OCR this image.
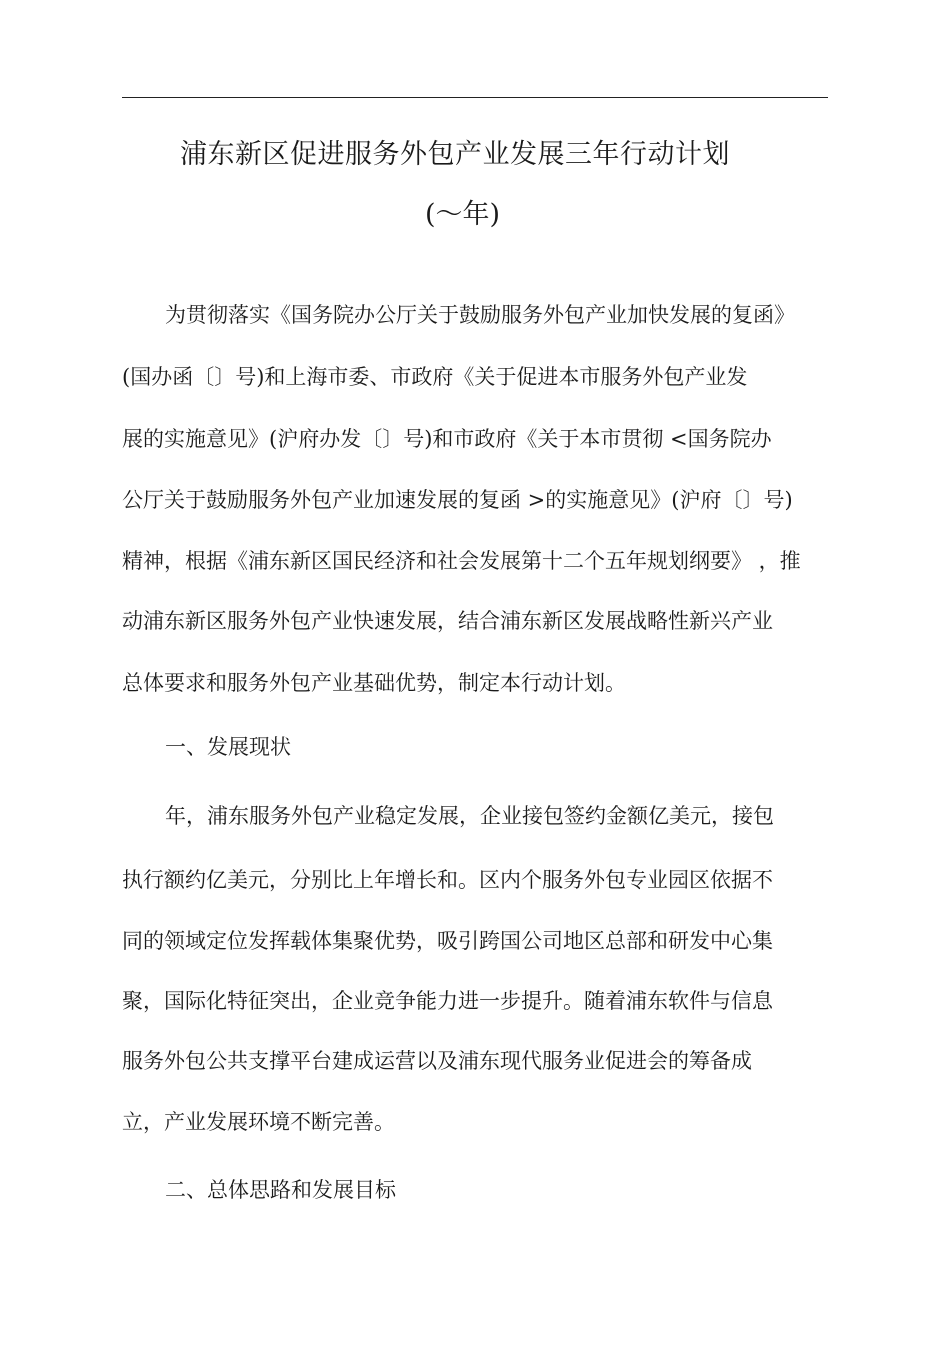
浦东新区促进服务外包产业发展三年行动计划
(～年)
为贯彻落实《国务院办公厅关于鼓励服务外包产业加快发展的复函》
(国办函〔〕号)和上海市委、市政府《关于促进本市服务外包产业发
展的实施意见》(沪府办发〔〕号)和市政府《关于本市贯彻 <国务院办
公厅关于鼓励服务外包产业加速发展的复函 >的实施意见》(沪府〔〕号)
精神，根据《浦东新区国民经济和社会发展第十二个五年规划纲要》 ，推
动浦东新区服务外包产业快速发展，结合浦东新区发展战略性新兴产业
总体要求和服务外包产业基础优势，制定本行动计划。
一、发展现状
年，浦东服务外包产业稳定发展，企业接包签约金额亿美元，接包
执行额约亿美元，分别比上年增长和。区内个服务外包专业园区依据不
同的领域定位发挥载体集聚优势，吸引跨国公司地区总部和研发中心集
聚，国际化特征突出，企业竞争能力进一步提升。随着浦东软件与信息
服务外包公共支撑平台建成运营以及浦东现代服务业促进会的筹备成
立，产业发展环境不断完善。
二、总体思路和发展目标
